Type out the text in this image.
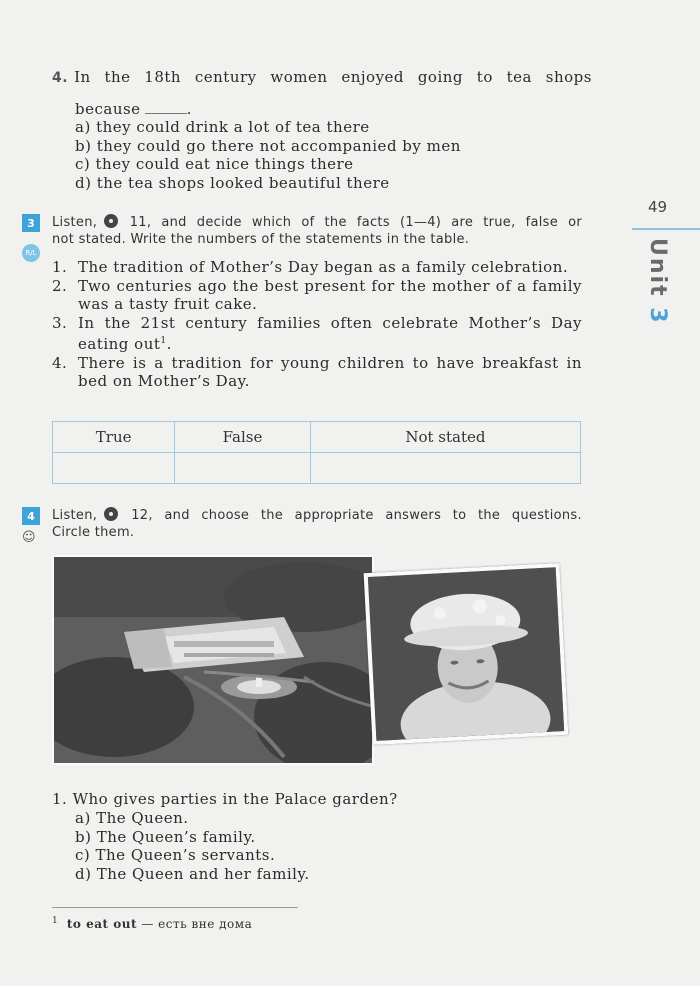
4. In the 18th century women enjoyed going to tea shops
because	.
a) they could drink a lot of tea there
b) they could go there not accompanied by men
c) they could eat nice things there
d) the tea shops looked beautiful there
49
Unit 3
3
R/L
Listen,	11, and decide which of the facts (1—4) are true, false or
not stated. Write the numbers of the statements in the table.
1. The tradition of Mother’s Day began as a family celebration.
2. Two centuries ago the best present for the mother of a family was a tasty fruit cake.
3. In the 21st century families often celebrate Mother’s Day eating out$^1$.
4. There is a tradition for young children to have breakfast in bed on Mother’s Day.
True	False	Not stated

4
☺
Listen,	12, and choose the appropriate answers to the questions.
Circle them.
1. Who gives parties in the Palace garden?
a) The Queen.
b) The Queen’s family.
c) The Queen’s servants.
d) The Queen and her family.
$^1$ to eat out — есть вне дома
